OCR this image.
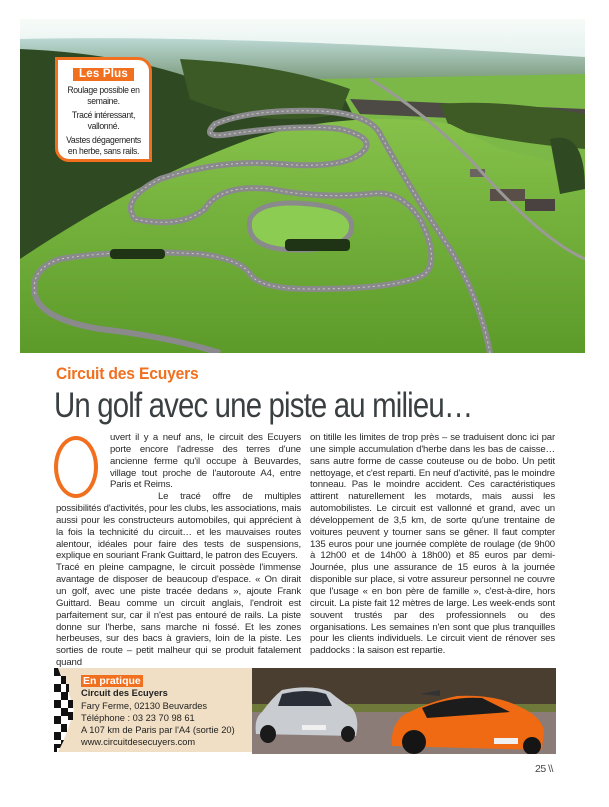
Les Plus
Roulage possible en semaine.
Tracé intéressant, vallonné.
Vastes dégagements en herbe, sans rails.
Circuit des Ecuyers
Un golf avec une piste au milieu…

uvert il y a neuf ans, le circuit des Ecuyers porte encore l'adresse des terres d'une ancienne ferme qu'il occupe à Beuvardes, village tout proche de l'autoroute A4, entre Paris et Reims.

Le tracé offre de multiples possibilités d'activités, pour les clubs, les associations, mais aussi pour les constructeurs automobiles, qui apprécient à la fois la technicité du circuit… et les mauvaises routes alentour, idéales pour faire des tests de suspensions, explique en souriant Frank Guittard, le patron des Ecuyers.

Tracé en pleine campagne, le circuit possède l'immense avantage de disposer de beaucoup d'espace. « On dirait un golf, avec une piste tracée dedans », ajoute Frank Guittard. Beau comme un circuit anglais, l'endroit est parfaitement sur, car il n'est pas entouré de rails. La piste donne sur l'herbe, sans marche ni fossé. Et les zones herbeuses, sur des bacs à graviers, loin de la piste. Les sorties de route – petit malheur qui se produit fatalement quand

on titille les limites de trop près – se traduisent donc ici par une simple accumulation d'herbe dans les bas de caisse… sans autre forme de casse couteuse ou de bobo. Un petit nettoyage, et c'est reparti. En neuf d'activité, pas le moindre tonneau. Pas le moindre accident. Ces caractéristiques attirent naturellement les motards, mais aussi les automobilistes. Le circuit est vallonné et grand, avec un développement de 3,5 km, de sorte qu'une trentaine de voitures peuvent y tourner sans se gêner. Il faut compter 135 euros pour une journée complète de roulage (de 9h00 à 12h00 et de 14h00 à 18h00) et 85 euros par demi-Journée, plus une assurance de 15 euros à la journée disponible sur place, si votre assureur personnel ne couvre que l'usage « en bon père de famille », c'est-à-dire, hors circuit. La piste fait 12 mètres de large. Les week-ends sont souvent trustés par des professionnels ou des organisations. Les semaines n'en sont que plus tranquilles pour les clients individuels. Le circuit vient de rénover ses paddocks : la saison est repartie.

En pratique
Circuit des Ecuyers
Fary Ferme, 02130 Beuvardes
Téléphone : 03 23 70 98 61
A 107 km de Paris par l'A4 (sortie 20)
www.circuitdesecuyers.com
25 \\
